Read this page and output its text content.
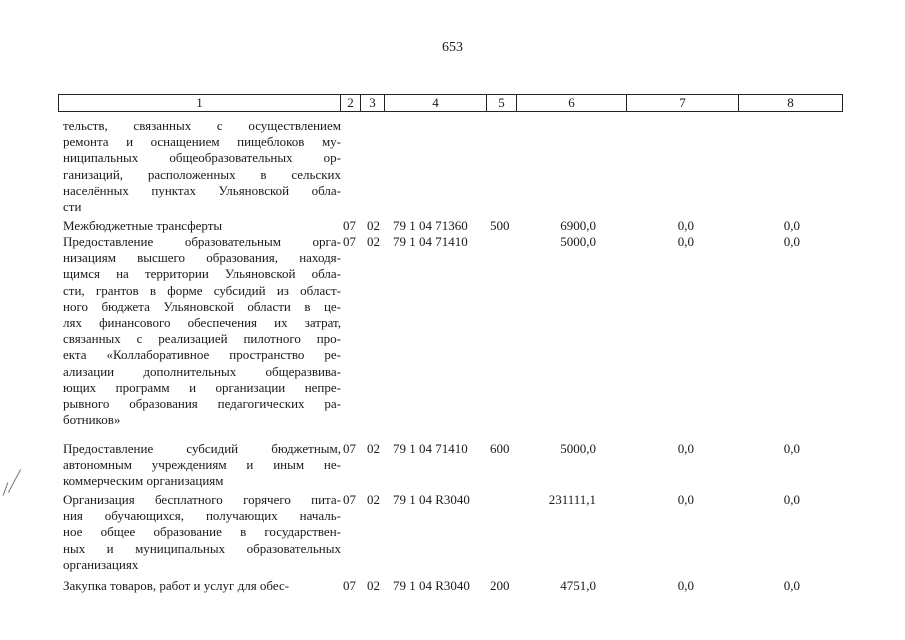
653
1	2	3	4	5	6	7	8
тельств, связанных с осуществлением
ремонта и оснащением пищеблоков му-
ниципальных общеобразовательных ор-
ганизаций, расположенных в сельских
населённых пунктах Ульяновской обла-
сти
Межбюджетные трансферты	07 02 79 1 04 71360 500	6900,0	0,0	0,0
Предоставление образовательным орга-
низациям высшего образования, находя-
щимся на территории Ульяновской обла-
сти, грантов в форме субсидий из област-
ного бюджета Ульяновской области в це-
лях финансового обеспечения их затрат,
связанных с реализацией пилотного про-
екта «Коллаборативное пространство ре-
ализации дополнительных общеразвива-
ющих программ и организации непре-
рывного образования педагогических ра-
ботников»
07 02 79 1 04 71410	5000,0	0,0	0,0
Предоставление субсидий бюджетным,
автономным учреждениям и иным не-
коммерческим организациям
07 02 79 1 04 71410 600	5000,0	0,0	0,0
Организация бесплатного горячего пита-
ния обучающихся, получающих началь-
ное общее образование в государствен-
ных и муниципальных образовательных
организациях
07 02 79 1 04 R3040	231111,1	0,0	0,0
Закупка товаров, работ и услуг для обес-	07 02 79 1 04 R3040 200	4751,0	0,0	0,0
